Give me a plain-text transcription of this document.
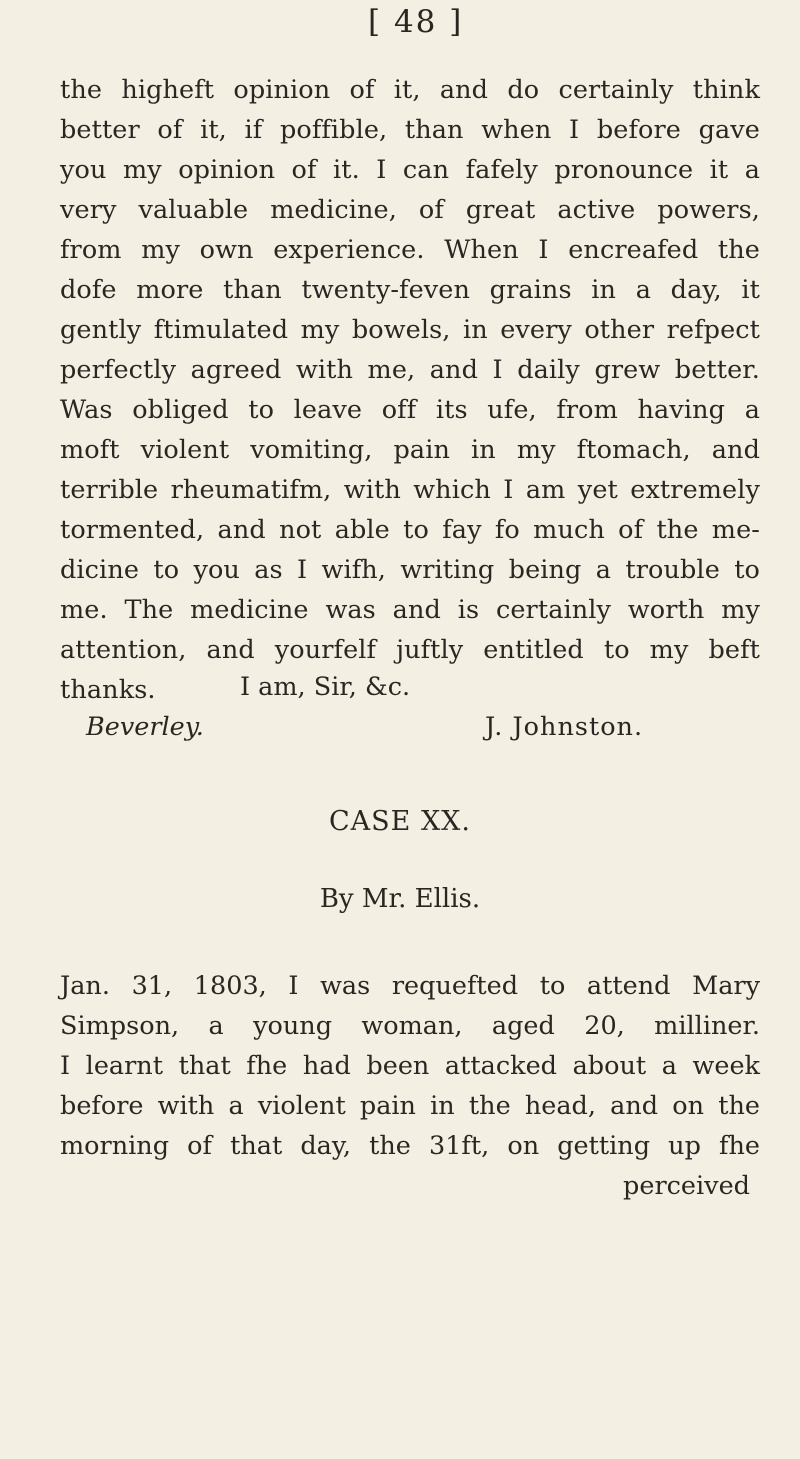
[ 48 ]
the higheft opinion of it, and do certainly think
better of it, if poffible, than when I before gave
you my opinion of it. I can fafely pronounce it a
very valuable medicine, of great active powers,
from my own experience. When I encreafed the
dofe more than twenty-feven grains in a day, it
gently ftimulated my bowels, in every other refpect
perfectly agreed with me, and I daily grew better.
Was obliged to leave off its ufe, from having a
moft violent vomiting, pain in my ftomach, and
terrible rheumatifm, with which I am yet extremely
tormented, and not able to fay fo much of the me-
dicine to you as I wifh, writing being a trouble to
me. The medicine was and is certainly worth my
attention, and yourfelf juftly entitled to my beft
thanks.	I am, Sir, &c.
Beverley.	J. Johnston.
CASE XX.
By Mr. Ellis.
Jan. 31, 1803, I was requefted to attend Mary
Simpson, a young woman, aged 20, milliner.
I learnt that fhe had been attacked about a week
before with a violent pain in the head, and on the
morning of that day, the 31ft, on getting up fhe
perceived
